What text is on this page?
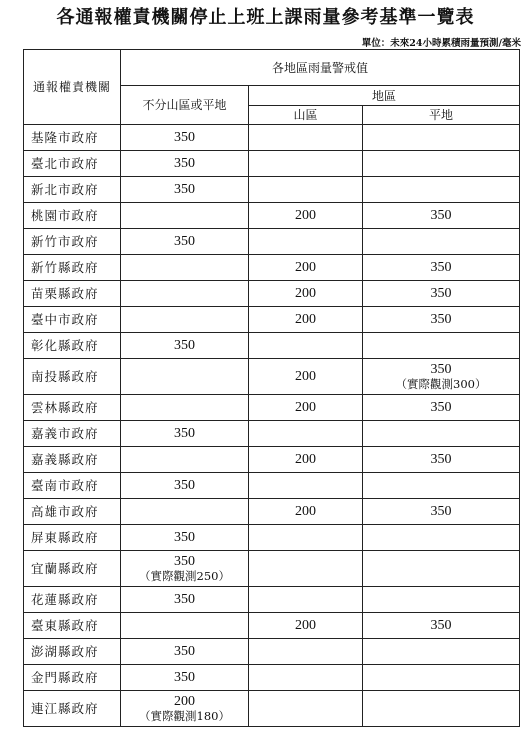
各通報權責機關停止上班上課雨量參考基準一覽表
單位：未來24小時累積雨量預測/毫米
通報權責機關	各地區雨量警戒值		
	不分山區或平地	地區	
		山區	平地
基隆市政府	350		
臺北市政府	350		
新北市政府	350		
桃園市政府		200	350
新竹市政府	350		
新竹縣政府		200	350
苗栗縣政府		200	350
臺中市政府		200	350
彰化縣政府	350		
南投縣政府		200	350
（實際觀測300）

雲林縣政府		200	350
嘉義市政府	350		
嘉義縣政府		200	350
臺南市政府	350		
高雄市政府		200	350
屏東縣政府	350		
宜蘭縣政府	350
（實際觀測250）		

花蓮縣政府	350		
臺東縣政府		200	350
澎湖縣政府	350		
金門縣政府	350		
連江縣政府	200
（實際觀測180）		
